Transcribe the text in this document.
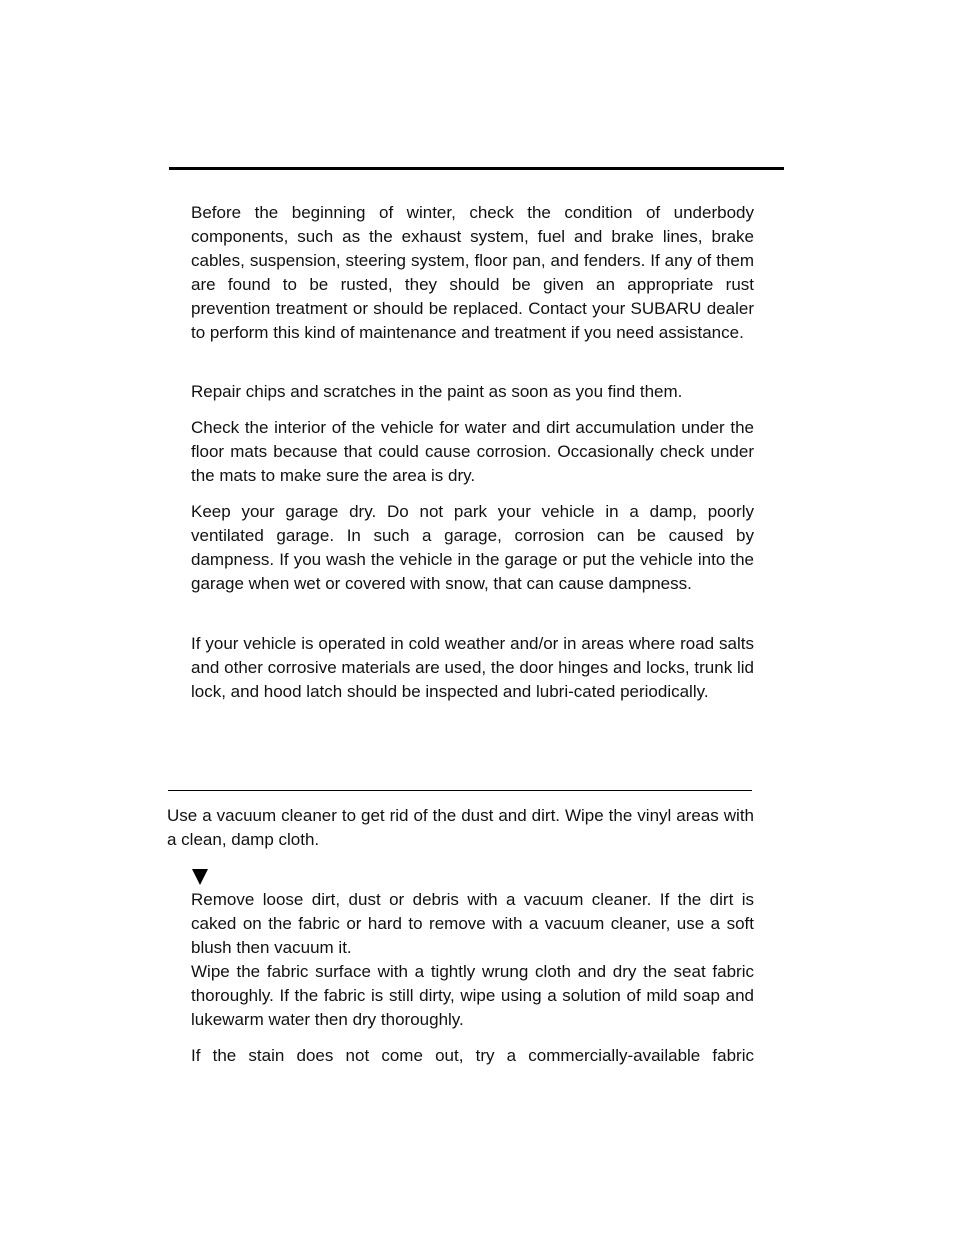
Before the beginning of winter, check the condition of underbody components, such as the exhaust system, fuel and brake lines, brake cables, suspension, steering system, floor pan, and fenders. If any of them are found to be rusted, they should be given an appropriate rust prevention treatment or should be replaced. Contact your SUBARU dealer to perform this kind of maintenance and treatment if you need assistance.

Repair chips and scratches in the paint as soon as you find them.

Check the interior of the vehicle for water and dirt accumulation under the floor mats because that could cause corrosion. Occasionally check under the mats to make sure the area is dry.

Keep your garage dry. Do not park your vehicle in a damp, poorly ventilated garage. In such a garage, corrosion can be caused by dampness. If you wash the vehicle in the garage or put the vehicle into the garage when wet or covered with snow, that can cause dampness.

If your vehicle is operated in cold weather and/or in areas where road salts and other corrosive materials are used, the door hinges and locks, trunk lid lock, and hood latch should be inspected and lubri-cated periodically.

Use a vacuum cleaner to get rid of the dust and dirt. Wipe the vinyl areas with a clean, damp cloth.

Remove loose dirt, dust or debris with a vacuum cleaner. If the dirt is caked on the fabric or hard to remove with a vacuum cleaner, use a soft blush then vacuum it.

Wipe the fabric surface with a tightly wrung cloth and dry the seat fabric thoroughly. If the fabric is still dirty, wipe using a solution of mild soap and lukewarm water then dry thoroughly.

If the stain does not come out, try a commercially-available fabric
